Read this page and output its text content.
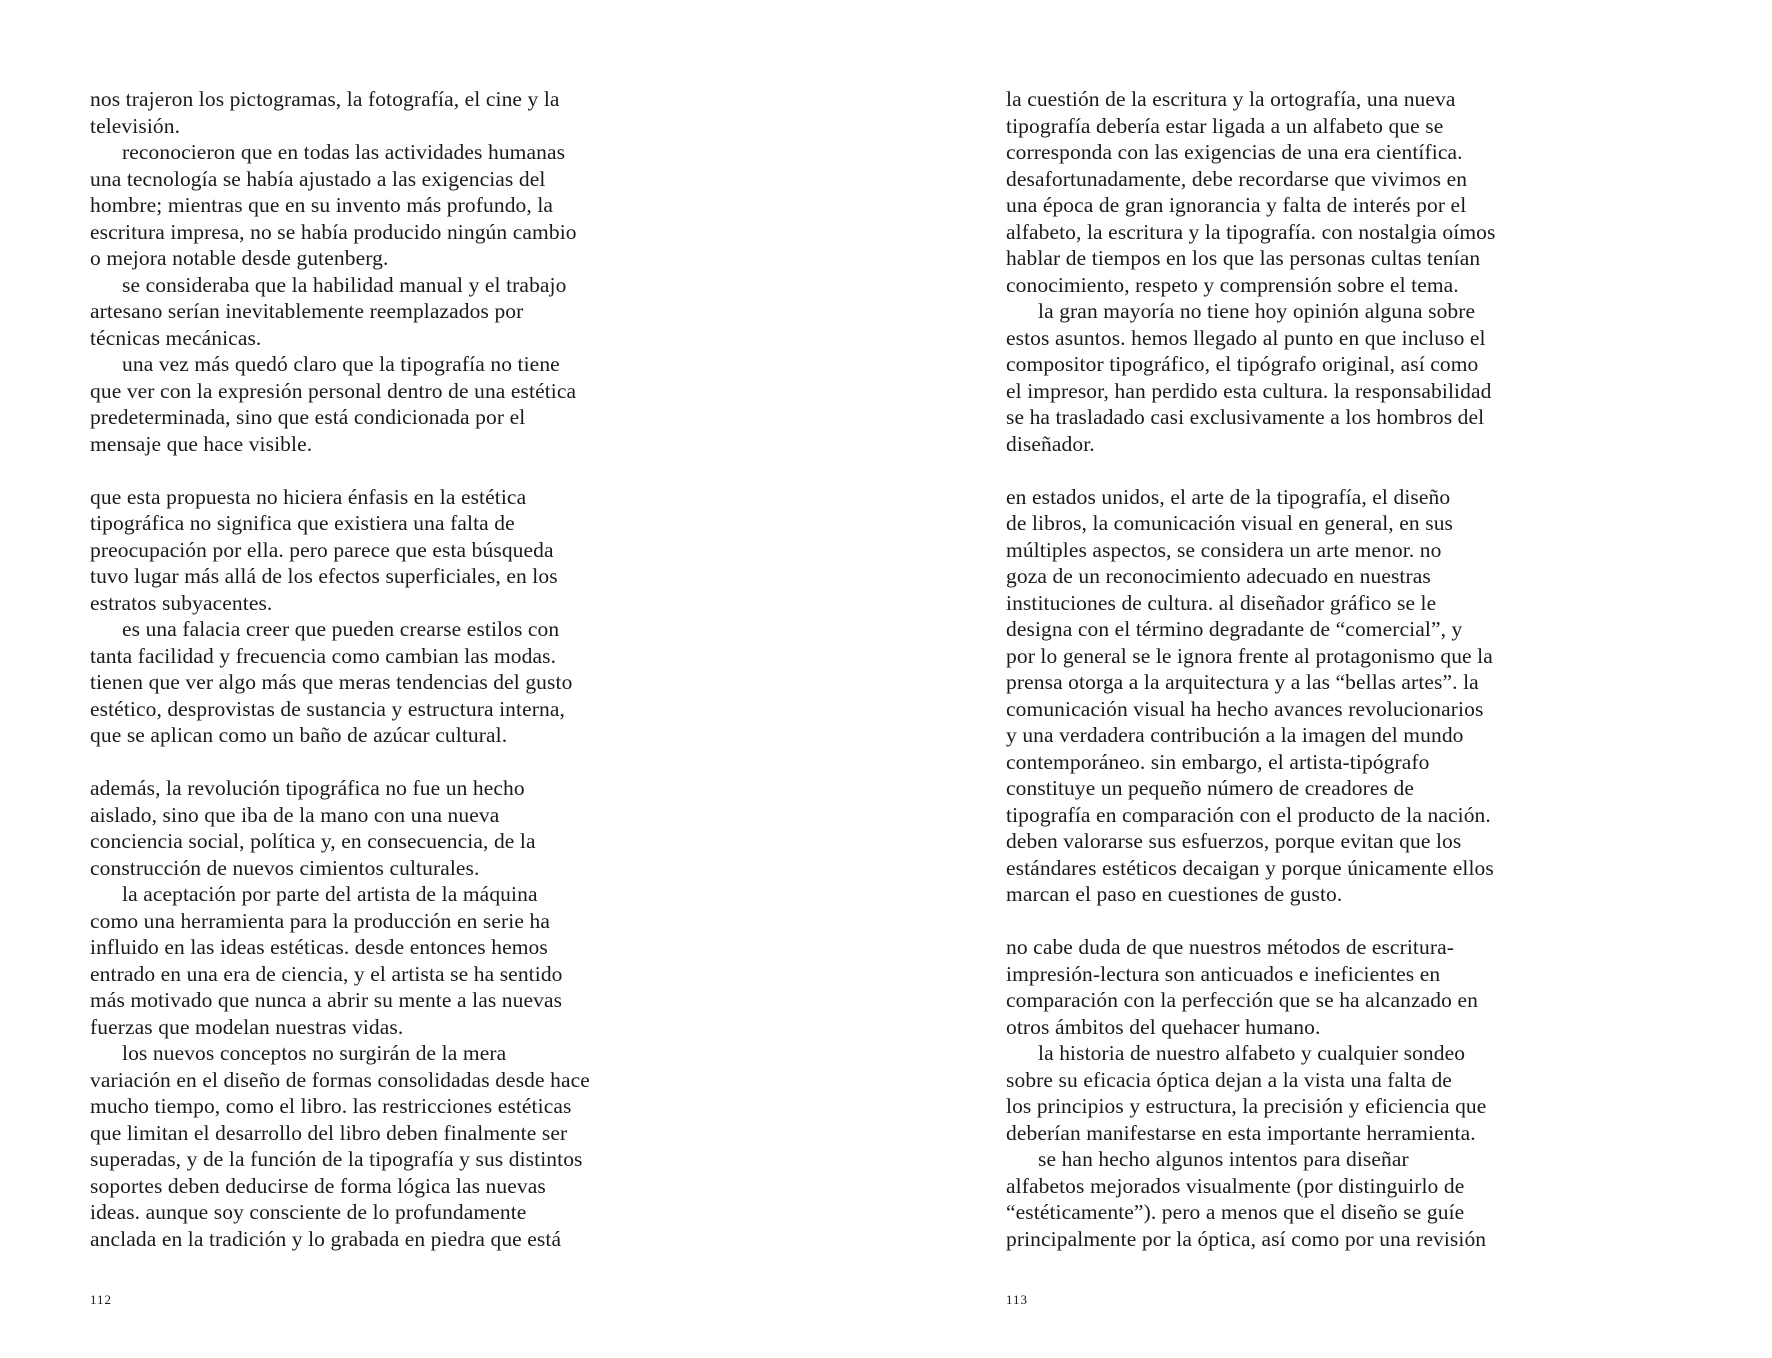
nos trajeron los pictogramas, la fotografía, el cine y la
televisión.
reconocieron que en todas las actividades humanas
una tecnología se había ajustado a las exigencias del
hombre; mientras que en su invento más profundo, la
escritura impresa, no se había producido ningún cambio
o mejora notable desde gutenberg.
se consideraba que la habilidad manual y el trabajo
artesano serían inevitablemente reemplazados por
técnicas mecánicas.
una vez más quedó claro que la tipografía no tiene
que ver con la expresión personal dentro de una estética
predeterminada, sino que está condicionada por el
mensaje que hace visible.
que esta propuesta no hiciera énfasis en la estética
tipográfica no significa que existiera una falta de
preocupación por ella. pero parece que esta búsqueda
tuvo lugar más allá de los efectos superficiales, en los
estratos subyacentes.
es una falacia creer que pueden crearse estilos con
tanta facilidad y frecuencia como cambian las modas.
tienen que ver algo más que meras tendencias del gusto
estético, desprovistas de sustancia y estructura interna,
que se aplican como un baño de azúcar cultural.
además, la revolución tipográfica no fue un hecho
aislado, sino que iba de la mano con una nueva
conciencia social, política y, en consecuencia, de la
construcción de nuevos cimientos culturales.
la aceptación por parte del artista de la máquina
como una herramienta para la producción en serie ha
influido en las ideas estéticas. desde entonces hemos
entrado en una era de ciencia, y el artista se ha sentido
más motivado que nunca a abrir su mente a las nuevas
fuerzas que modelan nuestras vidas.
los nuevos conceptos no surgirán de la mera
variación en el diseño de formas consolidadas desde hace
mucho tiempo, como el libro. las restricciones estéticas
que limitan el desarrollo del libro deben finalmente ser
superadas, y de la función de la tipografía y sus distintos
soportes deben deducirse de forma lógica las nuevas
ideas. aunque soy consciente de lo profundamente
anclada en la tradición y lo grabada en piedra que está
la cuestión de la escritura y la ortografía, una nueva
tipografía debería estar ligada a un alfabeto que se
corresponda con las exigencias de una era científica.
desafortunadamente, debe recordarse que vivimos en
una época de gran ignorancia y falta de interés por el
alfabeto, la escritura y la tipografía. con nostalgia oímos
hablar de tiempos en los que las personas cultas tenían
conocimiento, respeto y comprensión sobre el tema.
la gran mayoría no tiene hoy opinión alguna sobre
estos asuntos. hemos llegado al punto en que incluso el
compositor tipográfico, el tipógrafo original, así como
el impresor, han perdido esta cultura. la responsabilidad
se ha trasladado casi exclusivamente a los hombros del
diseñador.
en estados unidos, el arte de la tipografía, el diseño
de libros, la comunicación visual en general, en sus
múltiples aspectos, se considera un arte menor. no
goza de un reconocimiento adecuado en nuestras
instituciones de cultura. al diseñador gráfico se le
designa con el término degradante de “comercial”, y
por lo general se le ignora frente al protagonismo que la
prensa otorga a la arquitectura y a las “bellas artes”. la
comunicación visual ha hecho avances revolucionarios
y una verdadera contribución a la imagen del mundo
contemporáneo. sin embargo, el artista-tipógrafo
constituye un pequeño número de creadores de
tipografía en comparación con el producto de la nación.
deben valorarse sus esfuerzos, porque evitan que los
estándares estéticos decaigan y porque únicamente ellos
marcan el paso en cuestiones de gusto.
no cabe duda de que nuestros métodos de escritura-
impresión-lectura son anticuados e ineficientes en
comparación con la perfección que se ha alcanzado en
otros ámbitos del quehacer humano.
la historia de nuestro alfabeto y cualquier sondeo
sobre su eficacia óptica dejan a la vista una falta de
los principios y estructura, la precisión y eficiencia que
deberían manifestarse en esta importante herramienta.
se han hecho algunos intentos para diseñar
alfabetos mejorados visualmente (por distinguirlo de
“estéticamente”). pero a menos que el diseño se guíe
principalmente por la óptica, así como por una revisión
112	113
